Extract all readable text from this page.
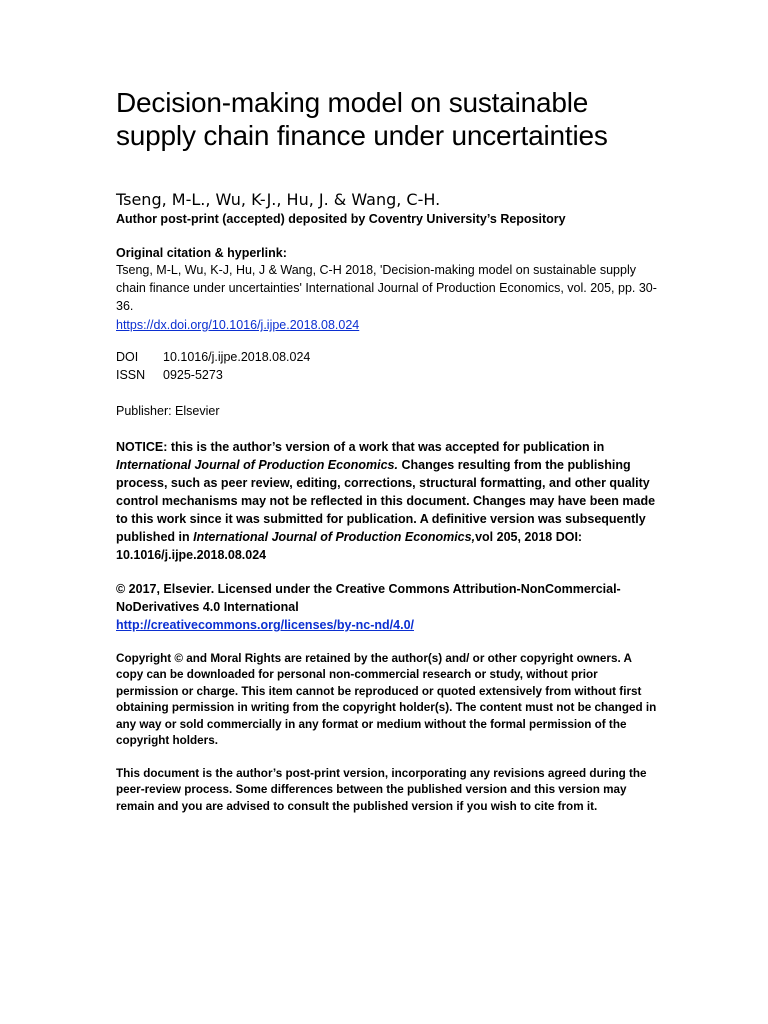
Decision-making model on sustainable supply chain finance under uncertainties
Tseng, M-L., Wu, K-J., Hu, J. & Wang, C-H.
Author post-print (accepted) deposited by Coventry University’s Repository
Original citation & hyperlink:

Tseng, M-L, Wu, K-J, Hu, J & Wang, C-H 2018, 'Decision-making model on sustainable supply chain finance under uncertainties' International Journal of Production Economics, vol. 205, pp. 30-36.

https://dx.doi.org/10.1016/j.ijpe.2018.08.024
DOI 10.1016/j.ijpe.2018.08.024
ISSN 0925-5273
Publisher: Elsevier

NOTICE: this is the author’s version of a work that was accepted for publication in International Journal of Production Economics. Changes resulting from the publishing process, such as peer review, editing, corrections, structural formatting, and other quality control mechanisms may not be reflected in this document. Changes may have been made to this work since it was submitted for publication. A definitive version was subsequently published in International Journal of Production Economics,vol 205, 2018 DOI: 10.1016/j.ijpe.2018.08.024

© 2017, Elsevier. Licensed under the Creative Commons Attribution-NonCommercial-NoDerivatives 4.0 International
http://creativecommons.org/licenses/by-nc-nd/4.0/

Copyright © and Moral Rights are retained by the author(s) and/ or other copyright owners. A copy can be downloaded for personal non-commercial research or study, without prior permission or charge. This item cannot be reproduced or quoted extensively from without first obtaining permission in writing from the copyright holder(s). The content must not be changed in any way or sold commercially in any format or medium without the formal permission of the copyright holders.

This document is the author’s post-print version, incorporating any revisions agreed during the peer-review process. Some differences between the published version and this version may remain and you are advised to consult the published version if you wish to cite from it.
